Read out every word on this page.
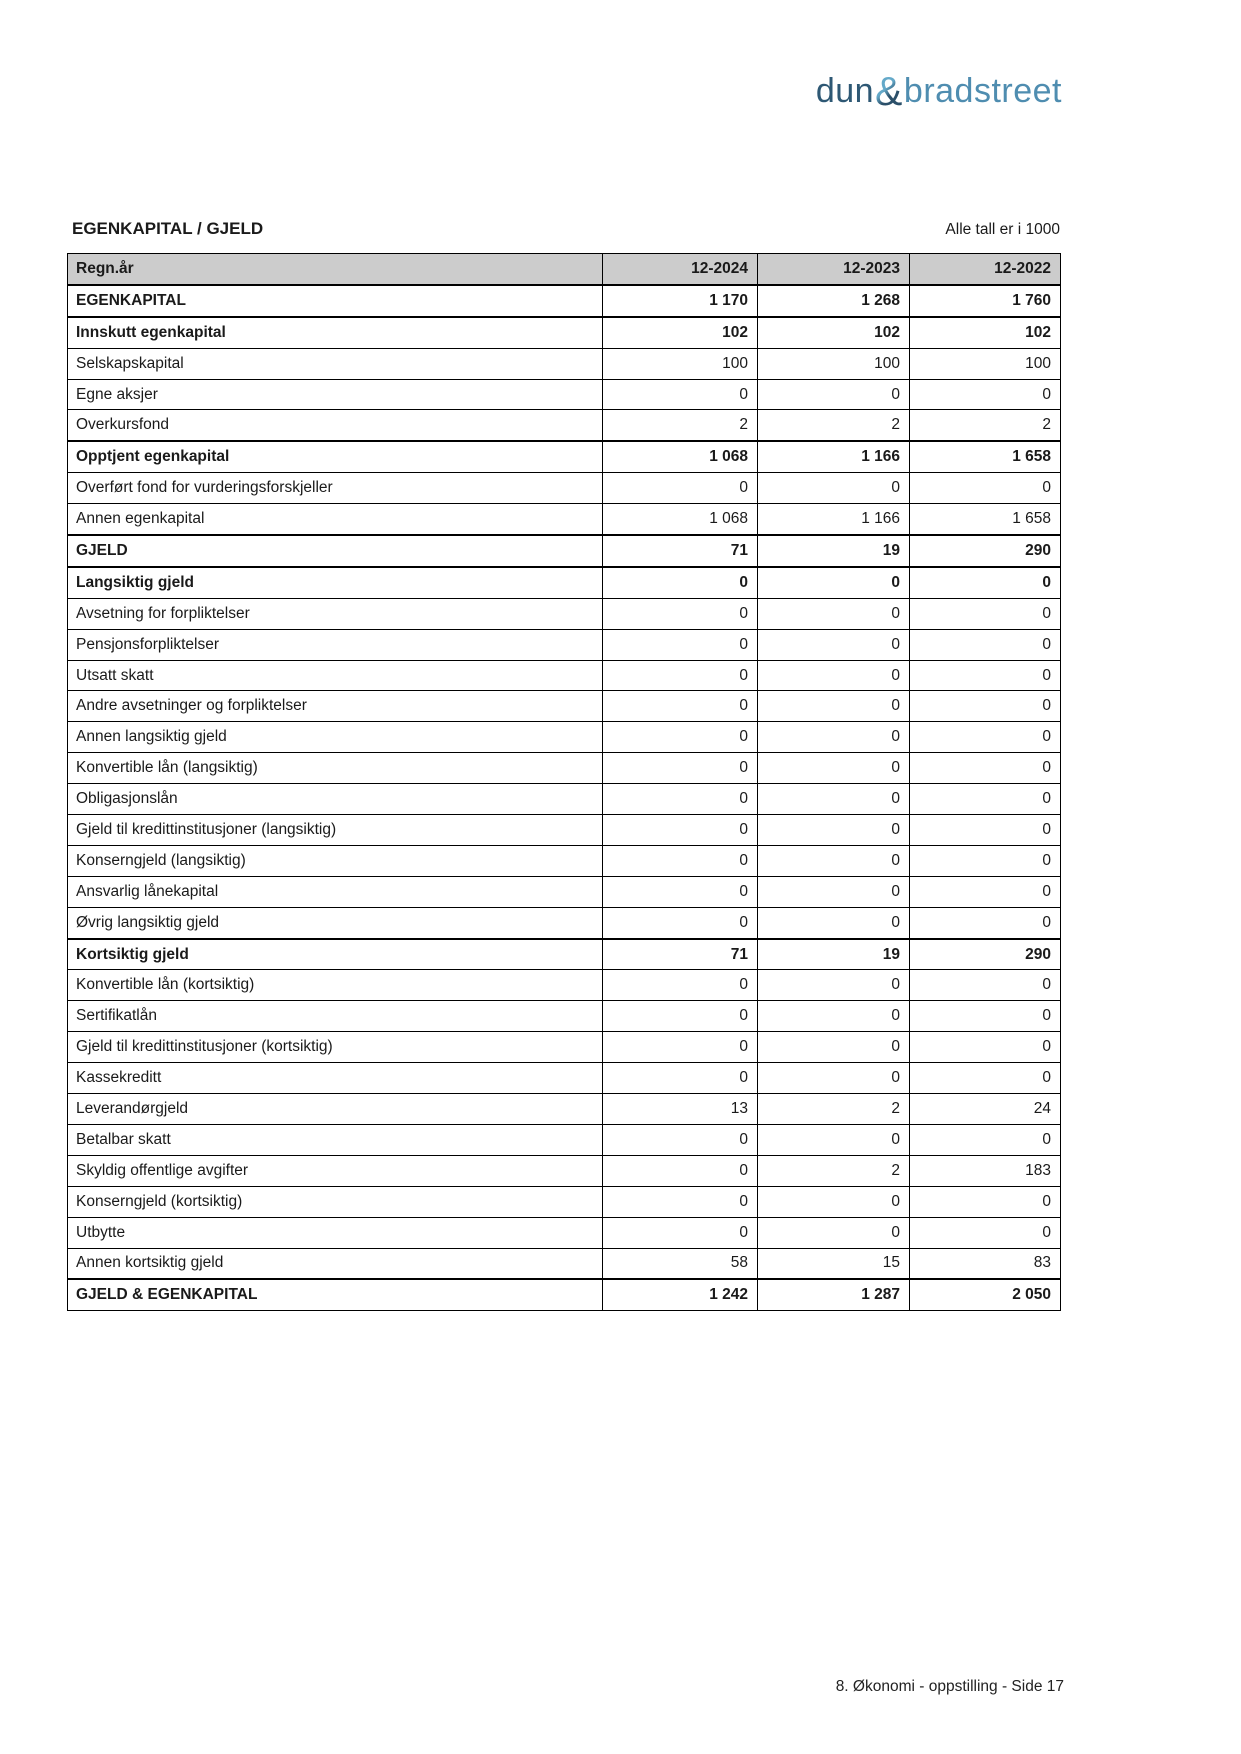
dun&bradstreet
EGENKAPITAL / GJELD	Alle tall er i 1000
Regn.år	12-2024	12-2023	12-2022
EGENKAPITAL	1 170	1 268	1 760
Innskutt egenkapital	102	102	102
Selskapskapital	100	100	100
Egne aksjer	0	0	0
Overkursfond	2	2	2
Opptjent egenkapital	1 068	1 166	1 658
Overført fond for vurderingsforskjeller	0	0	0
Annen egenkapital	1 068	1 166	1 658
GJELD	71	19	290
Langsiktig gjeld	0	0	0
Avsetning for forpliktelser	0	0	0
Pensjonsforpliktelser	0	0	0
Utsatt skatt	0	0	0
Andre avsetninger og forpliktelser	0	0	0
Annen langsiktig gjeld	0	0	0
Konvertible lån (langsiktig)	0	0	0
Obligasjonslån	0	0	0
Gjeld til kredittinstitusjoner (langsiktig)	0	0	0
Konserngjeld (langsiktig)	0	0	0
Ansvarlig lånekapital	0	0	0
Øvrig langsiktig gjeld	0	0	0
Kortsiktig gjeld	71	19	290
Konvertible lån (kortsiktig)	0	0	0
Sertifikatlån	0	0	0
Gjeld til kredittinstitusjoner (kortsiktig)	0	0	0
Kassekreditt	0	0	0
Leverandørgjeld	13	2	24
Betalbar skatt	0	0	0
Skyldig offentlige avgifter	0	2	183
Konserngjeld (kortsiktig)	0	0	0
Utbytte	0	0	0
Annen kortsiktig gjeld	58	15	83
GJELD & EGENKAPITAL	1 242	1 287	2 050
8. Økonomi - oppstilling - Side 17
